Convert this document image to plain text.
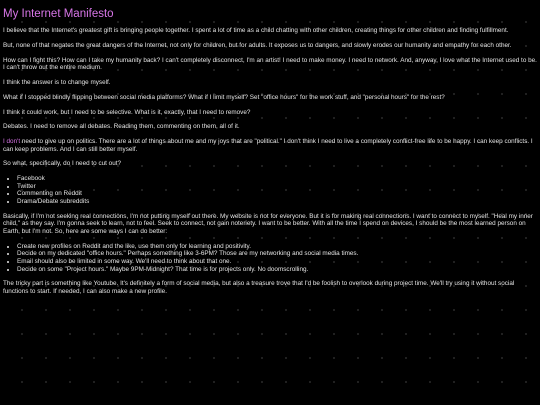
My Internet Manifesto

I believe that the Internet's greatest gift is bringing people together. I spent a lot of time as a child chatting with other children, creating things for other children and finding fulfillment.

But, none of that negates the great dangers of the Internet, not only for children, but for adults. It exposes us to dangers, and slowly erodes our humanity and empathy for each other.

How can I fight this? How can I take my humanity back? I can't completely disconnect, I'm an artist! I need to make money. I need to network. And, anyway, I love what the Internet used to be. I can't throw out the entire medium.

I think the answer is to change myself.

What if I stopped blindly flipping between social media platforms? What if I limit myself? Set "office hours" for the work stuff, and "personal hours" for the rest?

I think it could work, but I need to be selective. What is it, exactly, that I need to remove?

Debates. I need to remove all debates. Reading them, commenting on them, all of it.

I don't need to give up on politics. There are a lot of things about me and my joys that are "political." I don't think I need to live a completely conflict-free life to be happy. I can keep conflicts. I can keep problems. And I can still better myself.

So what, specifically, do I need to cut out?

• Facebook
• Twitter
• Commenting on Reddit
• Drama/Debate subreddits

Basically, if I'm not seeking real connections, I'm not putting myself out there. My website is not for everyone. But it is for making real connections. I want to connect to myself. "Heal my inner child," as they say. I'm gonna seek to learn, not to feel. Seek to connect, not gain noteriety. I want to be better. With all the time I spend on devices, I should be the most learned person on Earth, but I'm not. So, here are some ways I can do better:

• Create new profiles on Reddit and the like, use them only for learning and positivity.
• Decide on my dedicated "office hours." Perhaps something like 3-6PM? Those are my networking and social media times.
• Email should also be limited in some way. We'll need to think about that one.
• Decide on some "Project hours." Maybe 9PM-Midnight? That time is for projects only. No doomscrolling.

The tricky part is something like Youtube. It's definitely a form of social media, but also a treasure trove that I'd be foolish to overlook during project time. We'll try using it without social functions to start. If needed, I can also make a new profile.
